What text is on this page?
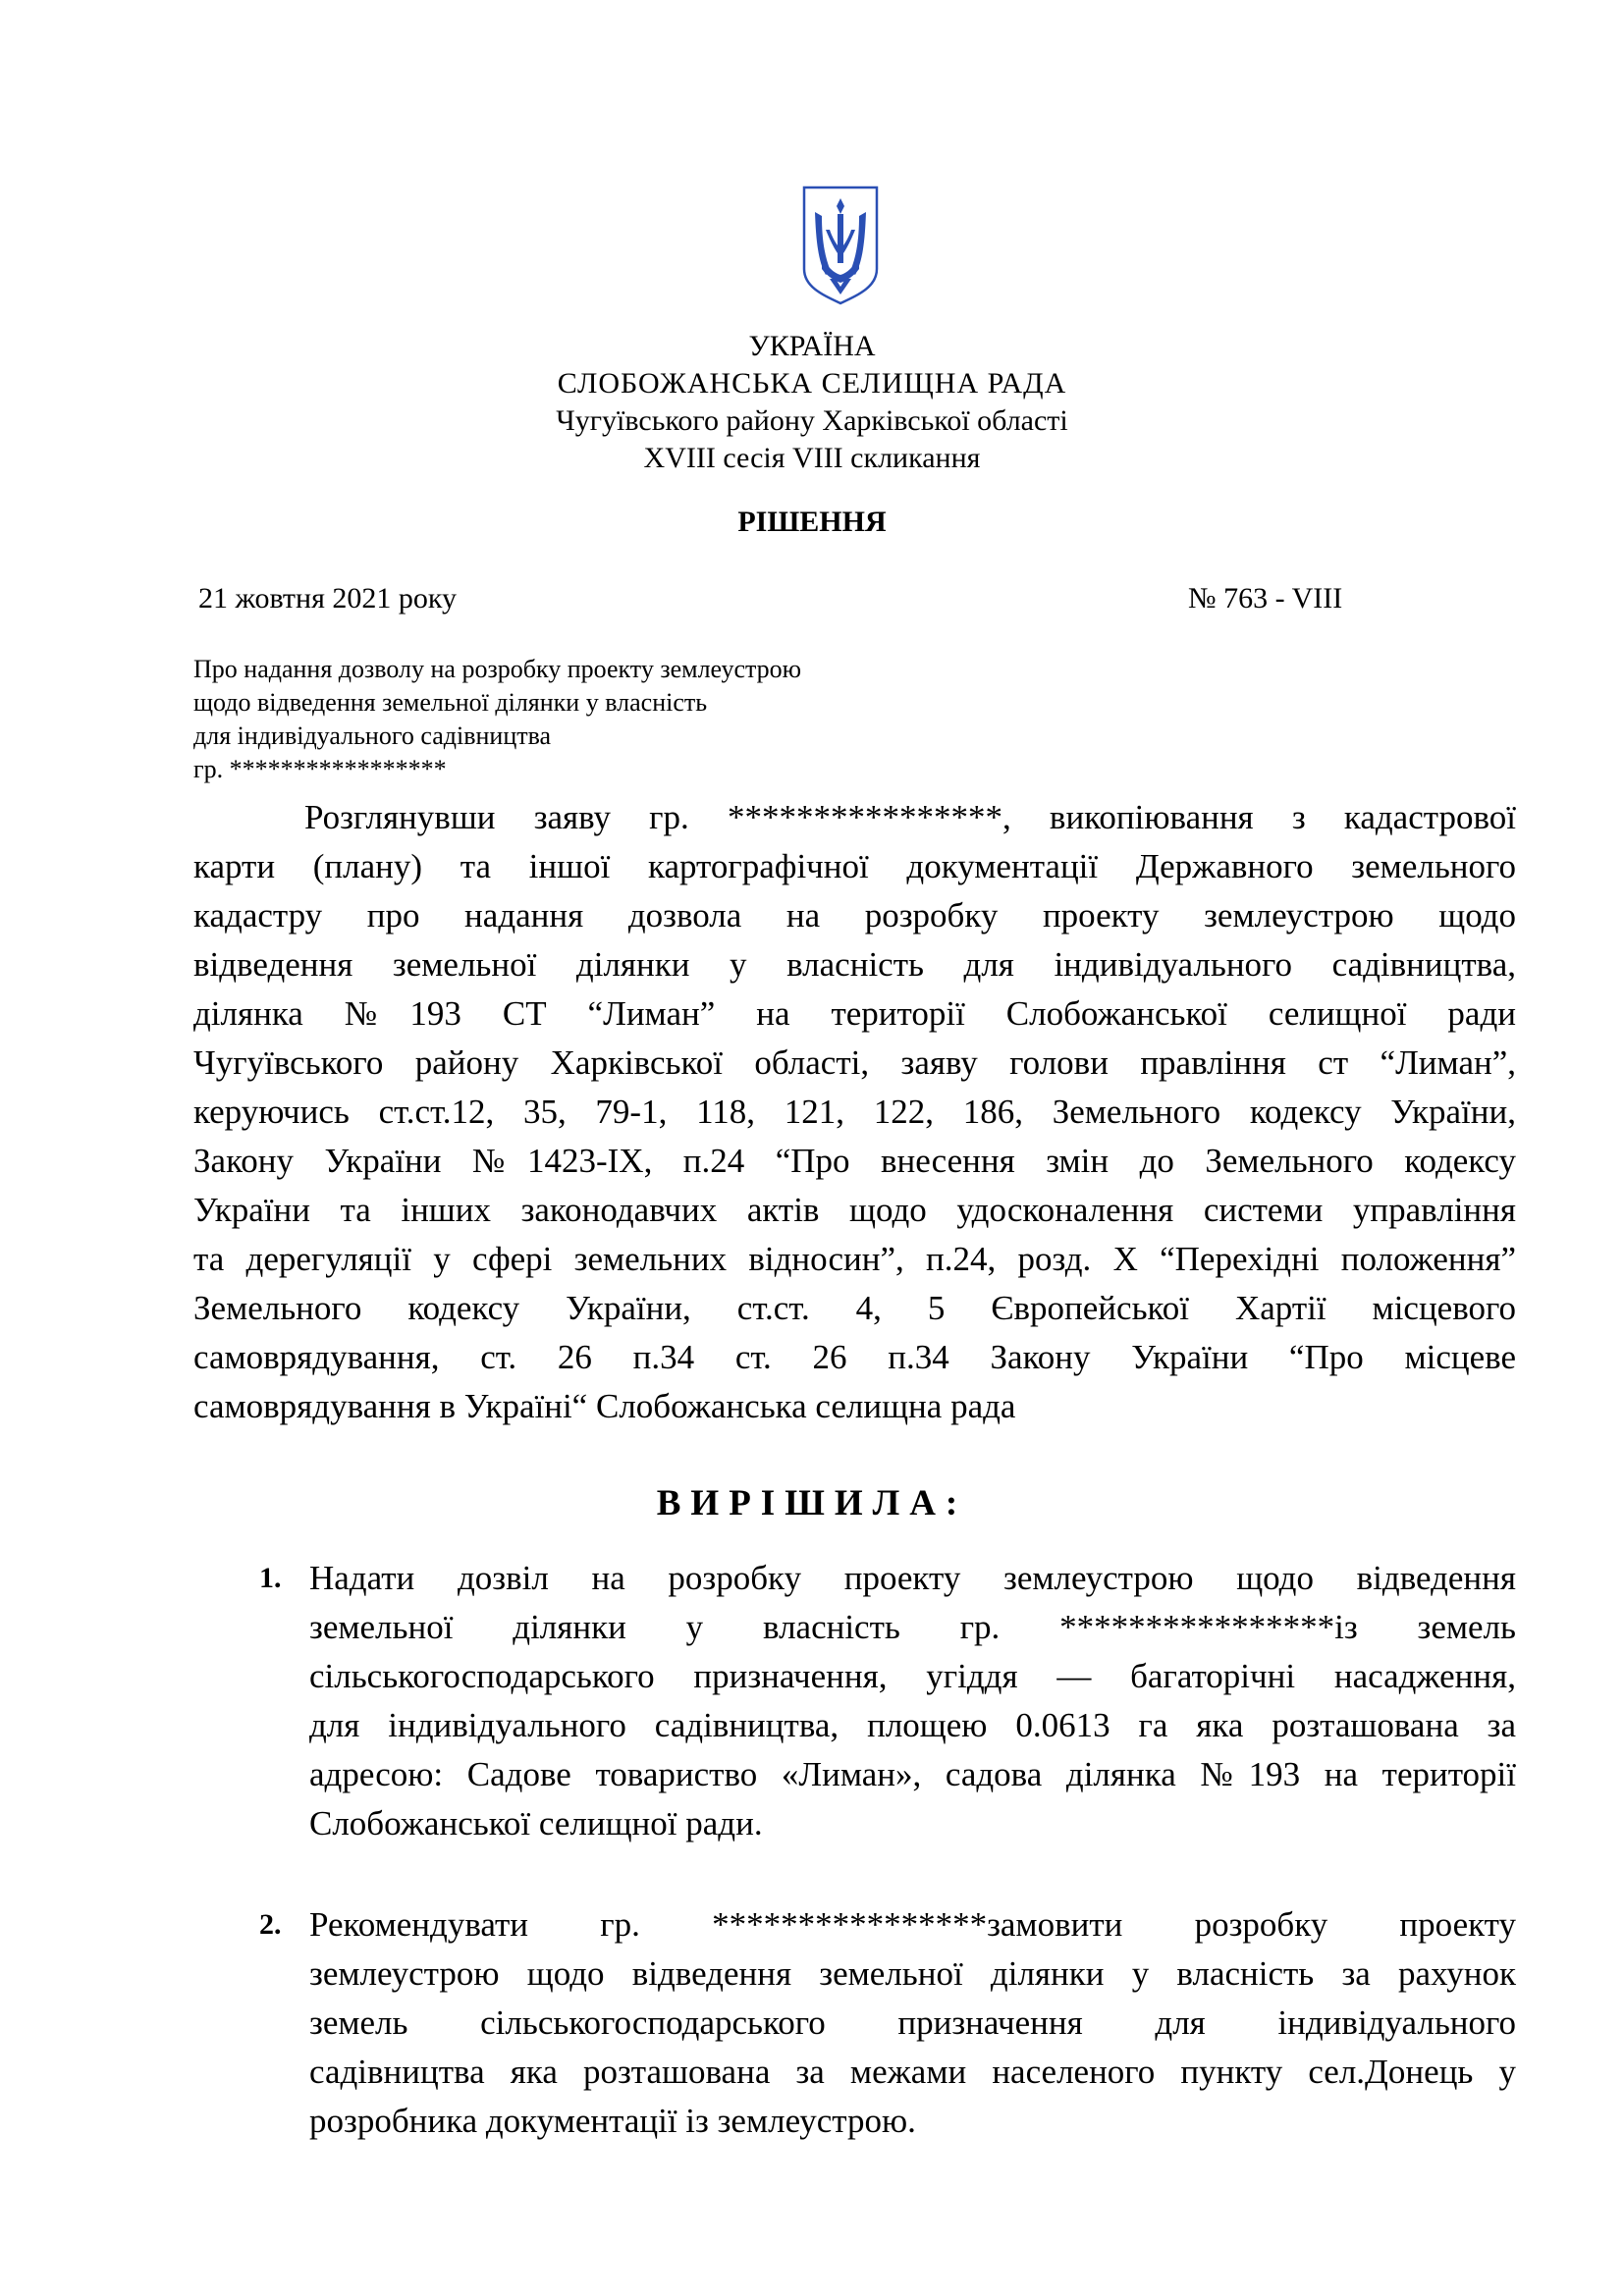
УКРАЇНА
СЛОБОЖАНСЬКА СЕЛИЩНА РАДА
Чугуївського району Харківської області
XVIII сесія VIII скликання
РІШЕННЯ
21 жовтня 2021 року	№ 763 - VIII
Про надання дозволу на розробку проекту землеустрою
щодо відведення земельної ділянки у власність
для індивідуального садівництва
гр. *****************
Розглянувши заяву гр. ****************, викопіювання з кадастрової
карти (плану) та іншої картографічної документації Державного земельного
кадастру про надання дозвола на розробку проекту землеустрою щодо
відведення земельної ділянки у власність для індивідуального садівництва,
ділянка №193 СТ “Лиман” на території Слобожанської селищної ради
Чугуївського району Харківської області, заяву голови правління ст “Лиман”,
керуючись ст.ст.12, 35, 79-1, 118, 121, 122, 186, Земельного кодексу України,
Закону України №1423-IX, п.24 “Про внесення змін до Земельного кодексу
України та інших законодавчих актів щодо удосконалення системи управління
та дерегуляції у сфері земельних відносин”, п.24, розд. X “Перехідні положення”
Земельного кодексу України, ст.ст. 4, 5 Європейської Хартії місцевого
самоврядування, ст. 26 п.34 ст. 26 п.34 Закону України “Про місцеве
самоврядування в Україні“ Слобожанська селищна рада
ВИРІШИЛА:
1. Надати дозвіл на розробку проекту землеустрою щодо відведення
земельної ділянки у власність гр. ****************із земель
сільськогосподарського призначення, угіддя — багаторічні насадження,
для індивідуального садівництва, площею 0.0613 га яка розташована за
адресою: Садове товариство «Лиман», садова ділянка №193 на території
Слобожанської селищної ради.
2. Рекомендувати гр. ****************замовити розробку проекту
землеустрою щодо відведення земельної ділянки у власність за рахунок
земель сільськогосподарського призначення для індивідуального
садівництва яка розташована за межами населеного пункту сел.Донець у
розробника документації із землеустрою.
